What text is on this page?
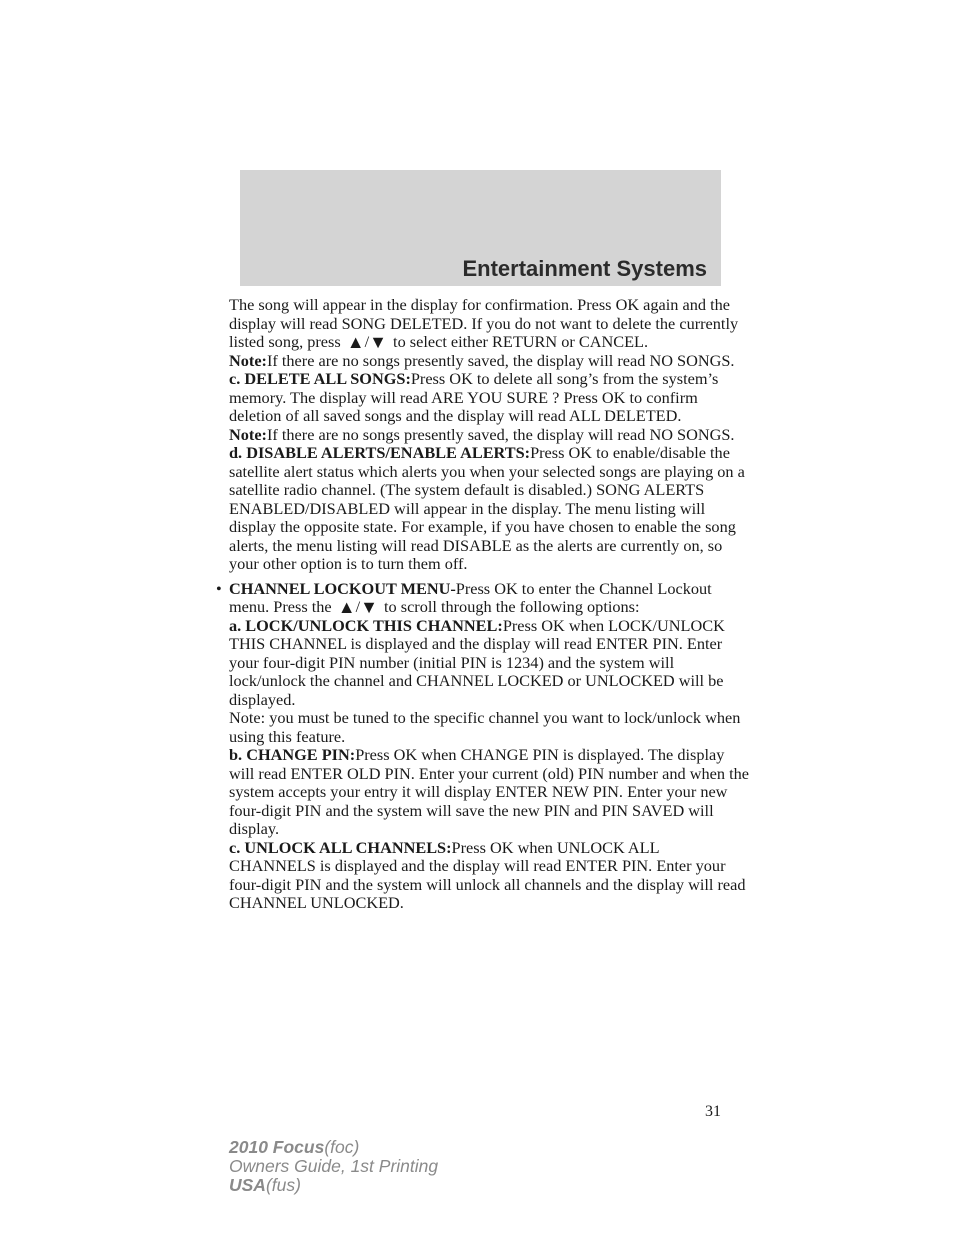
Entertainment Systems

The song will appear in the display for confirmation. Press OK again and the display will read SONG DELETED. If you do not want to delete the currently listed song, press ▲/▼ to select either RETURN or CANCEL.

Note:If there are no songs presently saved, the display will read NO SONGS.

c. DELETE ALL SONGS:Press OK to delete all song’s from the system’s memory. The display will read ARE YOU SURE ? Press OK to confirm deletion of all saved songs and the display will read ALL DELETED.

Note:If there are no songs presently saved, the display will read NO SONGS.

d. DISABLE ALERTS/ENABLE ALERTS:Press OK to enable/disable the satellite alert status which alerts you when your selected songs are playing on a satellite radio channel. (The system default is disabled.) SONG ALERTS ENABLED/DISABLED will appear in the display. The menu listing will display the opposite state. For example, if you have chosen to enable the song alerts, the menu listing will read DISABLE as the alerts are currently on, so your other option is to turn them off.

• CHANNEL LOCKOUT MENU-Press OK to enter the Channel Lockout menu. Press the ▲/▼ to scroll through the following options:

a. LOCK/UNLOCK THIS CHANNEL:Press OK when LOCK/UNLOCK THIS CHANNEL is displayed and the display will read ENTER PIN. Enter your four-digit PIN number (initial PIN is 1234) and the system will lock/unlock the channel and CHANNEL LOCKED or UNLOCKED will be displayed.

Note: you must be tuned to the specific channel you want to lock/unlock when using this feature.

b. CHANGE PIN:Press OK when CHANGE PIN is displayed. The display will read ENTER OLD PIN. Enter your current (old) PIN number and when the system accepts your entry it will display ENTER NEW PIN. Enter your new four-digit PIN and the system will save the new PIN and PIN SAVED will display.

c. UNLOCK ALL CHANNELS:Press OK when UNLOCK ALL CHANNELS is displayed and the display will read ENTER PIN. Enter your four-digit PIN and the system will unlock all channels and the display will read CHANNEL UNLOCKED.

31
2010 Focus(foc)
Owners Guide, 1st Printing
USA(fus)
